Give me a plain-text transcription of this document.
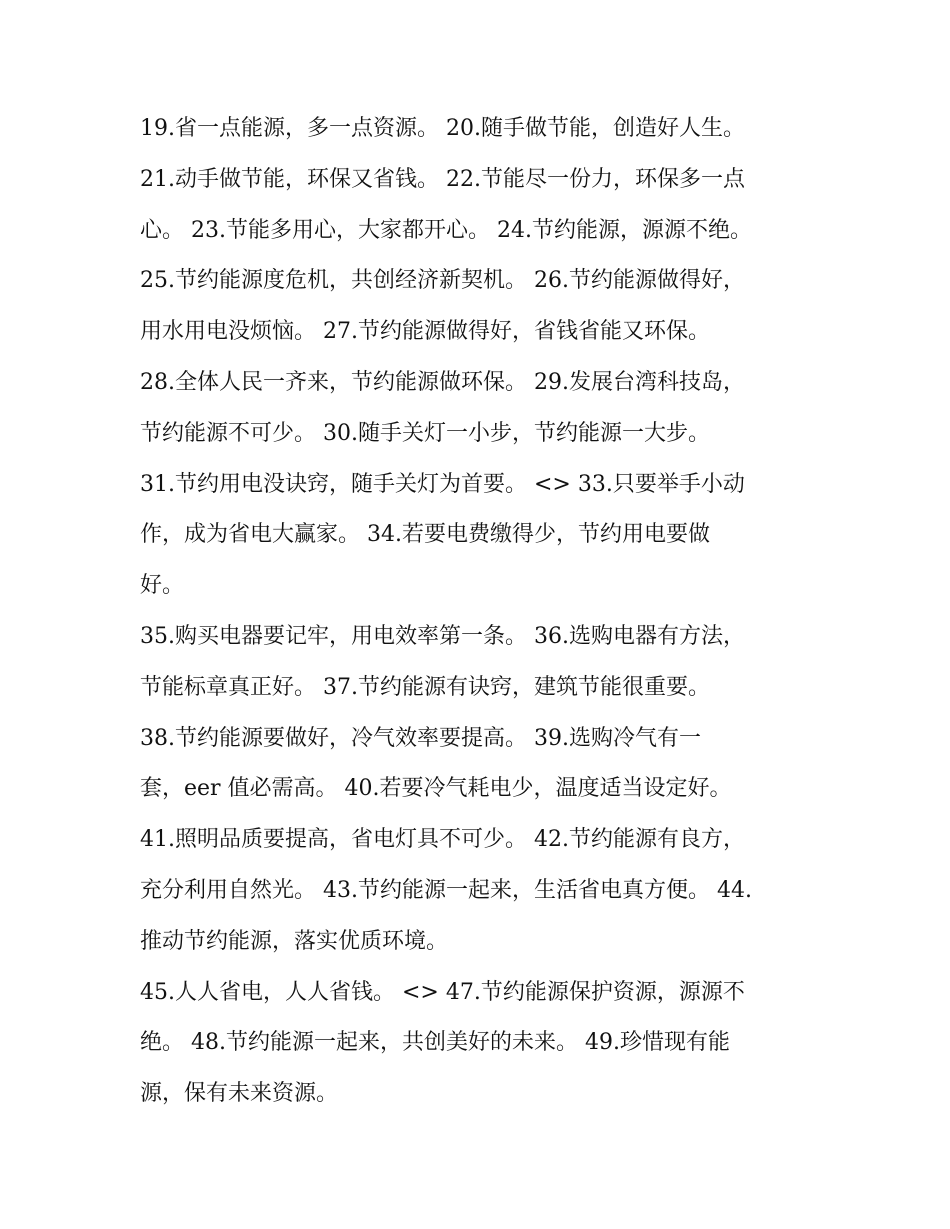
19.省一点能源，多一点资源。 20.随手做节能，创造好人生。
21.动手做节能，环保又省钱。 22.节能尽一份力，环保多一点
心。 23.节能多用心，大家都开心。 24.节约能源，源源不绝。
25.节约能源度危机，共创经济新契机。 26.节约能源做得好，
用水用电没烦恼。 27.节约能源做得好，省钱省能又环保。
28.全体人民一齐来，节约能源做环保。 29.发展台湾科技岛，
节约能源不可少。 30.随手关灯一小步，节约能源一大步。
31.节约用电没诀窍，随手关灯为首要。 <> 33.只要举手小动
作，成为省电大赢家。 34.若要电费缴得少，节约用电要做
好。
35.购买电器要记牢，用电效率第一条。 36.选购电器有方法，
节能标章真正好。 37.节约能源有诀窍，建筑节能很重要。
38.节约能源要做好，冷气效率要提高。 39.选购冷气有一
套，eer 值必需高。 40.若要冷气耗电少，温度适当设定好。
41.照明品质要提高，省电灯具不可少。 42.节约能源有良方，
充分利用自然光。 43.节约能源一起来，生活省电真方便。 44.
推动节约能源，落实优质环境。
45.人人省电，人人省钱。 <> 47.节约能源保护资源，源源不
绝。 48.节约能源一起来，共创美好的未来。 49.珍惜现有能
源，保有未来资源。
